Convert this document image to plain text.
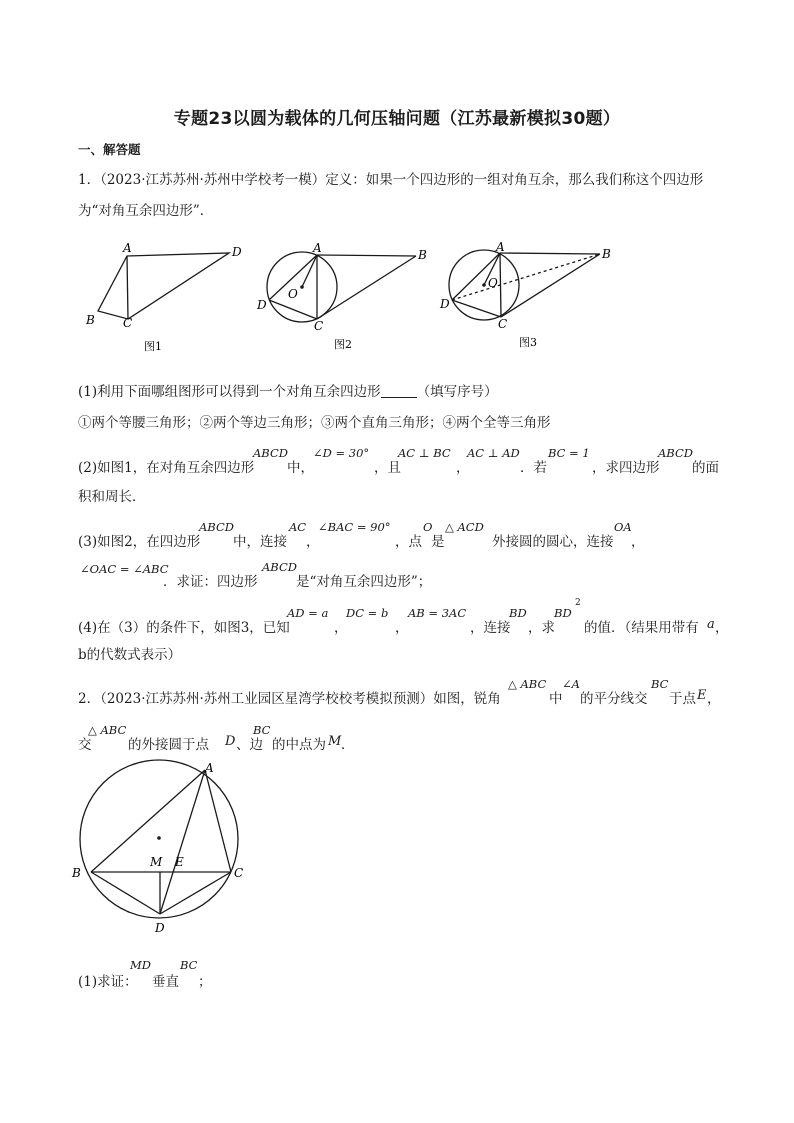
专题23以圆为载体的几何压轴问题（江苏最新模拟30题）
一、解答题
1．（2023·江苏苏州·苏州中学校考一模）定义：如果一个四边形的一组对角互余，那么我们称这个四边形
为“对角互余四边形”．
A	D
B C
图1
A	B
O
D
C
图2
A	B
O
D
C
图3
(1)利用下面哪组图形可以得到一个对角互余四边形	（填写序号）
①两个等腰三角形；②两个等边三角形；③两个直角三角形；④两个全等三角形
(2)如图1，在对角互余四边形
ABCD
中，
∠D = 30°
，且
AC ⊥ BC
，
AC ⊥ AD
．若
BC = 1
，求四边形
ABCD
的面
积和周长．
(3)如图2，在四边形
ABCD
中，连接
AC
，
∠BAC = 90°
，点
O
是
△ ACD
外接圆的圆心，连接
OA
，
∠OAC = ∠ABC
．求证：四边形
ABCD
是“对角互余四边形”；
(4)在（3）的条件下，如图3，已知
AD = a
，
DC = b
，
AB = 3AC
，连接
BD
，求
BD
2
的值．（结果用带有 a ，
b的代数式表示）
2．（2023·江苏苏州·苏州工业园区星湾学校校考模拟预测）如图，锐角
△ ABC
中
∠A
的平分线交
BC
于点 E ，
交
△ ABC
的外接圆于点 D 、边
BC
的中点为 M ．
A
B	C
M E
D
(1)求证：
MD
垂直
BC
；
